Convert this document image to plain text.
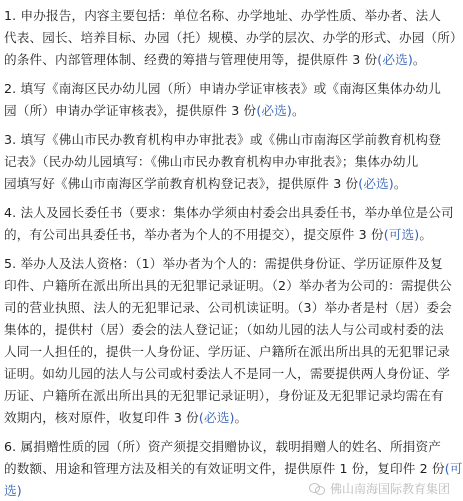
1. 申办报告，内容主要包括：单位名称、办学地址、办学性质、举办者、法人
代表、园长、培养目标、办园（托）规模、办学的层次、办学的形式、办园（所）
的条件、内部管理体制、经费的筹措与管理使用等，提供原件 3 份(必选)。
2. 填写《南海区民办幼儿园（所）申请办学证审核表》或《南海区集体办幼儿
园（所）申请办学证审核表》，提供原件 3 份(必选)。
3. 填写《佛山市民办教育机构申办审批表》或《佛山市南海区学前教育机构登
记表》（民办幼儿园填写：《佛山市民办教育机构申办审批表》；集体办幼儿
园填写好《佛山市南海区学前教育机构登记表》，提供原件 3 份(必选)。
4. 法人及园长委任书（要求：集体办学须由村委会出具委任书，举办单位是公司
的，有公司出具委任书，举办者为个人的不用提交），提交原件 3 份(可选)。
5. 举办人及法人资格：（1）举办者为个人的：需提供身份证、学历证原件及复
印件、户籍所在派出所出具的无犯罪记录证明。（2）举办者为公司的：需提供公
司的营业执照、法人的无犯罪记录、公司机读证明。（3）举办者是村（居）委会
集体的，提供村（居）委会的法人登记证；（如幼儿园的法人与公司或村委的法
人同一人担任的，提供一人身份证、学历证、户籍所在派出所出具的无犯罪记录
证明。如幼儿园的法人与公司或村委法人不是同一人，需要提供两人身份证、学
历证、户籍所在派出所出具的无犯罪记录证明），身份证及无犯罪记录均需在有
效期内，核对原件，收复印件 3 份(必选)。
6. 属捐赠性质的园（所）资产须提交捐赠协议，载明捐赠人的姓名、所捐资产
的数额、用途和管理方法及相关的有效证明文件，提供原件 1 份，复印件 2 份(可
选)	佛山南海国际教育集团
